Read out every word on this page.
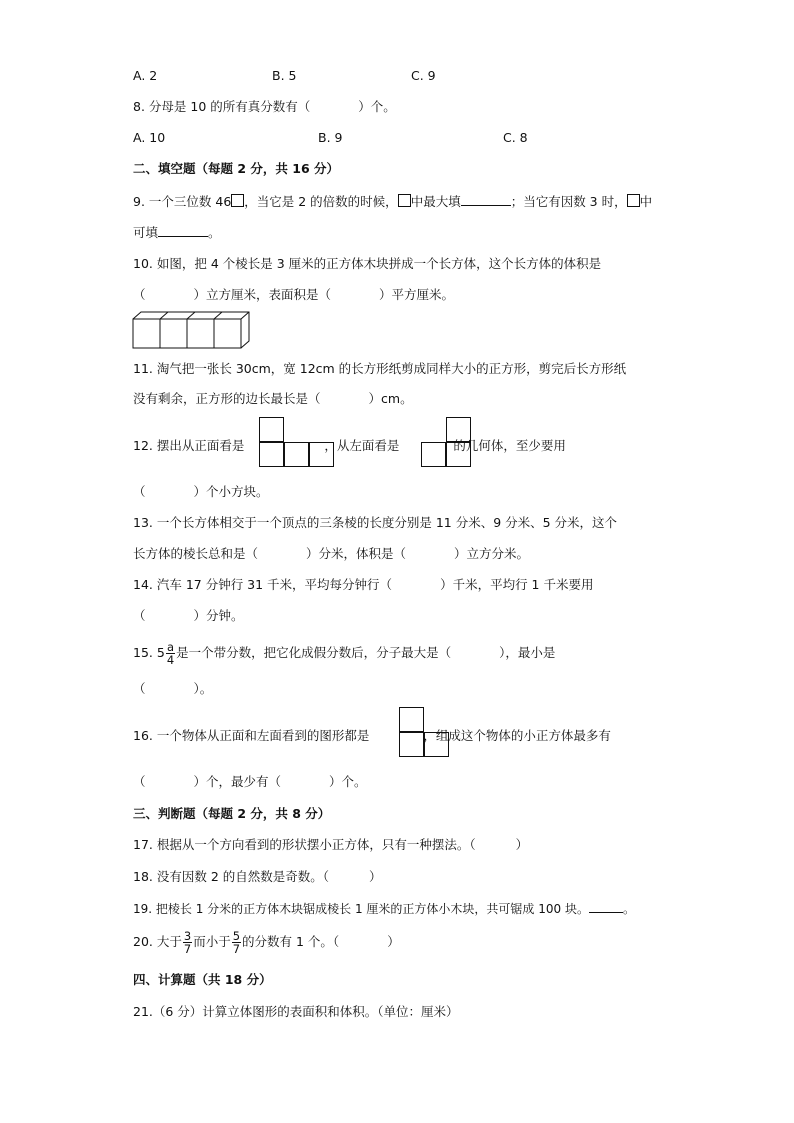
A. 2	B. 5	C. 9
8. 分母是 10 的所有真分数有（	）个。
A. 10	B. 9	C. 8
二、填空题（每题 2 分，共 16 分）
9. 一个三位数 46 ，当它是 2 的倍数的时候， 中最大填	；当它有因数 3 时， 中
可填	。
10. 如图，把 4 个棱长是 3 厘米的正方体木块拼成一个长方体，这个长方体的体积是
（	）立方厘米，表面积是（	）平方厘米。
11. 淘气把一张长 30cm，宽 12cm 的长方形纸剪成同样大小的正方形，剪完后长方形纸
没有剩余，正方形的边长最长是（	）cm。
12. 摆出从正面看是	，从左面看是	的几何体，至少要用
（	）个小方块。
13. 一个长方体相交于一个顶点的三条棱的长度分别是 11 分米、9 分米、5 分米，这个
长方体的棱长总和是（	）分米，体积是（	）立方分米。
14. 汽车 17 分钟行 31 千米，平均每分钟行（	）千米，平均行 1 千米要用
（	）分钟。
15. $5 \frac{a}{4}$ 是一个带分数，把它化成假分数后，分子最大是（	），最小是
（	）。
16. 一个物体从正面和左面看到的图形都是	，组成这个物体的小正方体最多有
（	）个，最少有（	）个。
三、判断题（每题 2 分，共 8 分）
17. 根据从一个方向看到的形状摆小正方体，只有一种摆法。（	）
18. 没有因数 2 的自然数是奇数。（	）
19. 把棱长 1 分米的正方体木块锯成棱长 1 厘米的正方体小木块，共可锯成 100 块。	。
20. 大于 $\frac{3}{7}$ 而小于 $\frac{5}{7}$ 的分数有 1 个。（	）
四、计算题（共 18 分）
21.（6 分）计算立体图形的表面积和体积。（单位：厘米）
